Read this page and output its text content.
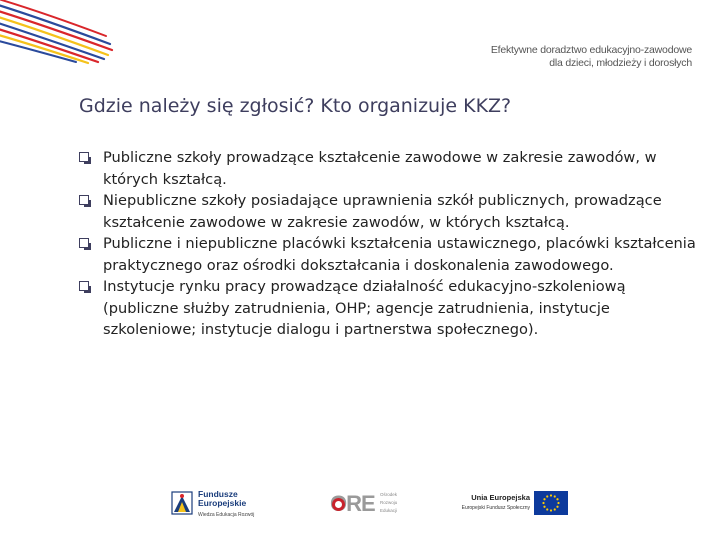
Efektywne doradztwo edukacyjno-zawodowe
dla dzieci, młodzieży i dorosłych
Gdzie należy się zgłosić? Kto organizuje KKZ?
Publiczne szkoły prowadzące kształcenie zawodowe w zakresie zawodów, w których kształcą.
Niepubliczne szkoły posiadające uprawnienia szkół publicznych, prowadzące kształcenie zawodowe w zakresie zawodów, w których kształcą.
Publiczne i niepubliczne placówki kształcenia ustawicznego, placówki kształcenia praktycznego oraz ośrodki dokształcania i doskonalenia zawodowego.
Instytucje rynku pracy prowadzące działalność edukacyjno-szkoleniową (publiczne służby zatrudnienia, OHP; agencje zatrudnienia, instytucje szkoleniowe; instytucje dialogu i partnerstwa społecznego).
Fundusze
Europejskie
Wiedza Edukacja Rozwój	ORE Ośrodek
Rozwoju
Edukacji
Unia Europejska
Europejski Fundusz Społeczny
